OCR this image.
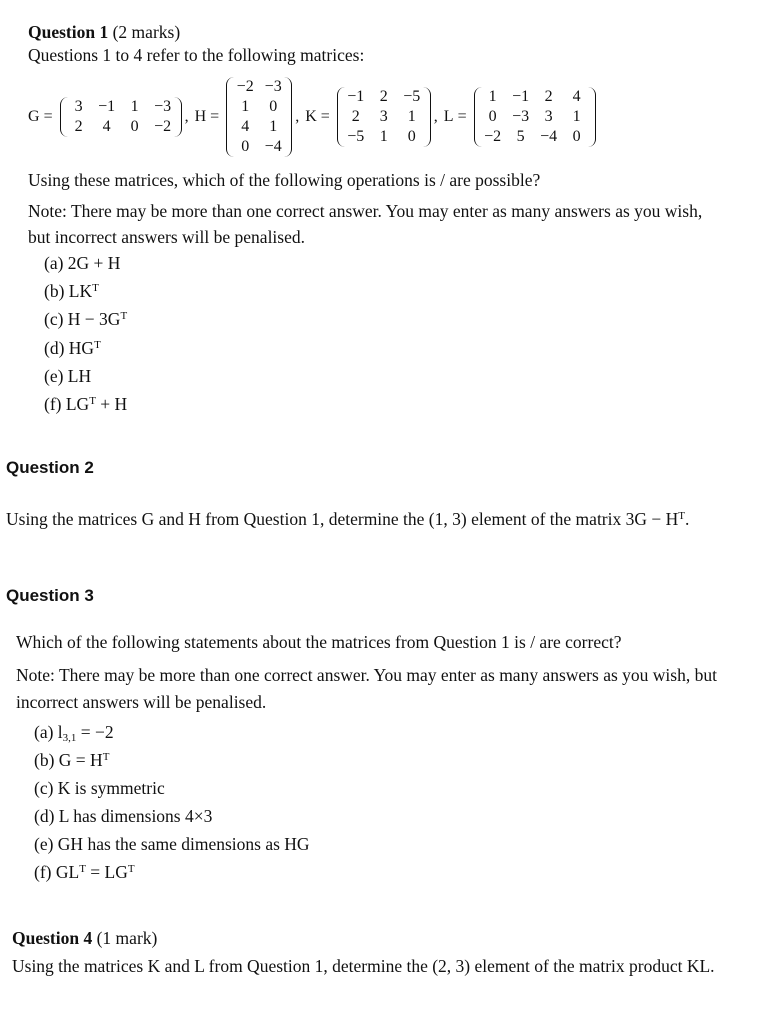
Question 1 (2 marks)
Questions 1 to 4 refer to the following matrices:
G =
3 −1 1 −3
2	4	0 −2
, H =
−2 −3
1	0
4	1
0 −4
, K =
−1 2 −5
2	3	1
−5 1	0
, L =
1 −1 2	4
0 −3 3	1
−2 5 −4 0
Using these matrices, which of the following operations is / are possible?
Note: There may be more than one correct answer. You may enter as many answers as you wish, but incorrect answers will be penalised.
(a) 2G + H
(b) $LK^T$
(c) $H - 3G^T$
(d) $HG^T$
(e) LH
(f) $LG^T + H$
Question 2
Using the matrices G and H from Question 1, determine the (1, 3) element of the matrix $3G - H^T$.
Question 3
Which of the following statements about the matrices from Question 1 is / are correct?
Note: There may be more than one correct answer. You may enter as many answers as you wish, but incorrect answers will be penalised.
(a) $l_{3,1} = -2$
(b) $G = H^T$
(c) K is symmetric
(d) L has dimensions 4×3
(e) GH has the same dimensions as HG
(f) $GL^T = LG^T$
Question 4 (1 mark)
Using the matrices K and L from Question 1, determine the (2, 3) element of the matrix product KL.
